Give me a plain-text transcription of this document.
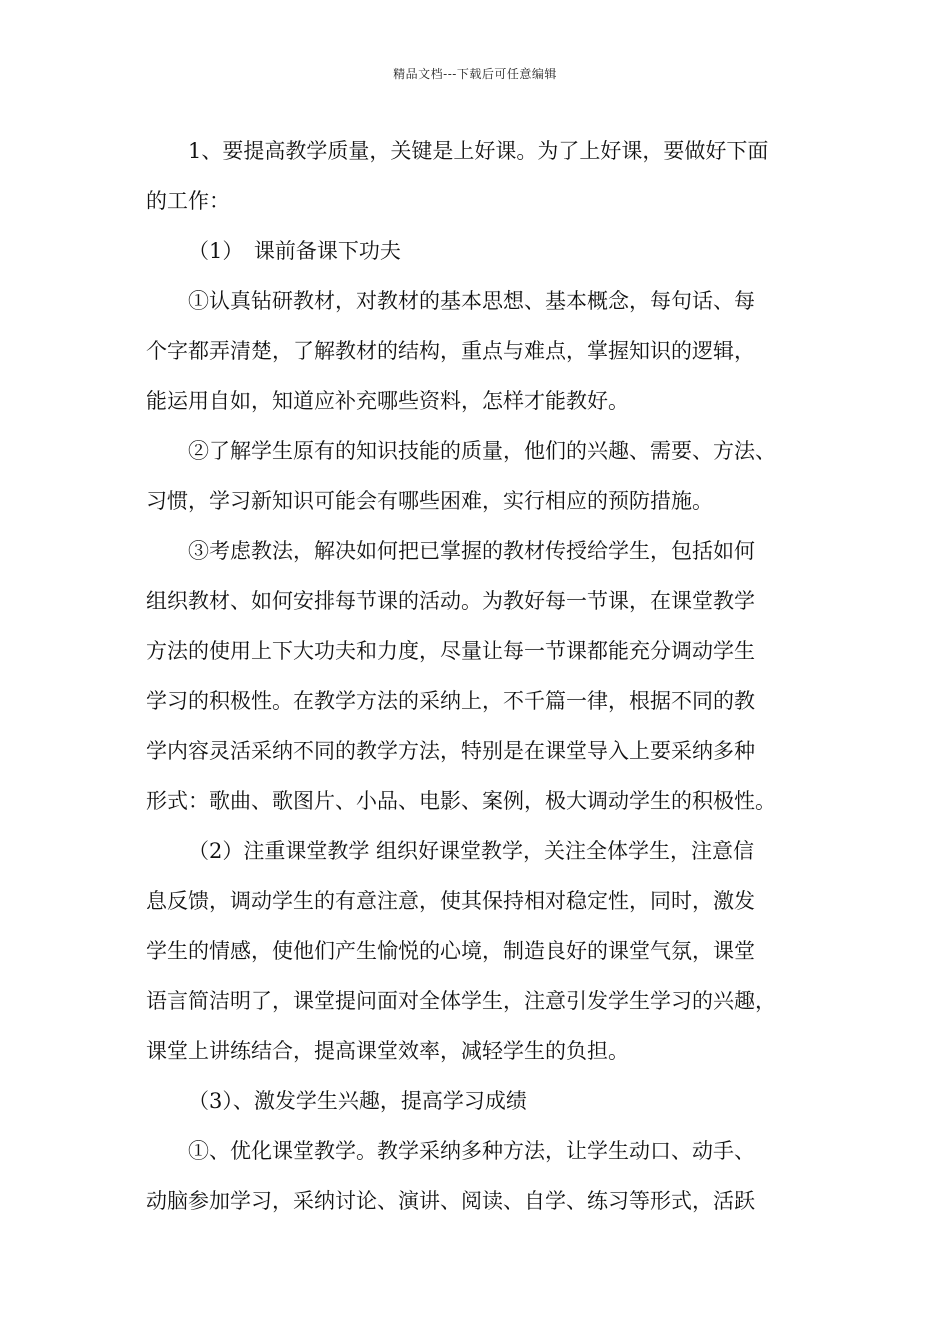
精品文档---下载后可任意编辑
1、要提高教学质量，关键是上好课。为了上好课，要做好下面
的工作：
（1）　课前备课下功夫
①认真钻研教材，对教材的基本思想、基本概念，每句话、每
个字都弄清楚，了解教材的结构，重点与难点，掌握知识的逻辑，
能运用自如，知道应补充哪些资料，怎样才能教好。
②了解学生原有的知识技能的质量，他们的兴趣、需要、方法、
习惯，学习新知识可能会有哪些困难，实行相应的预防措施。
③考虑教法，解决如何把已掌握的教材传授给学生，包括如何
组织教材、如何安排每节课的活动。为教好每一节课，在课堂教学
方法的使用上下大功夫和力度，尽量让每一节课都能充分调动学生
学习的积极性。在教学方法的采纳上，不千篇一律，根据不同的教
学内容灵活采纳不同的教学方法，特别是在课堂导入上要采纳多种
形式：歌曲、歌图片、小品、电影、案例，极大调动学生的积极性。
（2）注重课堂教学 组织好课堂教学，关注全体学生，注意信
息反馈，调动学生的有意注意，使其保持相对稳定性，同时，激发
学生的情感，使他们产生愉悦的心境，制造良好的课堂气氛，课堂
语言简洁明了，课堂提问面对全体学生，注意引发学生学习的兴趣，
课堂上讲练结合，提高课堂效率，减轻学生的负担。
（3）、激发学生兴趣，提高学习成绩
①、优化课堂教学。教学采纳多种方法，让学生动口、动手、
动脑参加学习，采纳讨论、演讲、阅读、自学、练习等形式，活跃
